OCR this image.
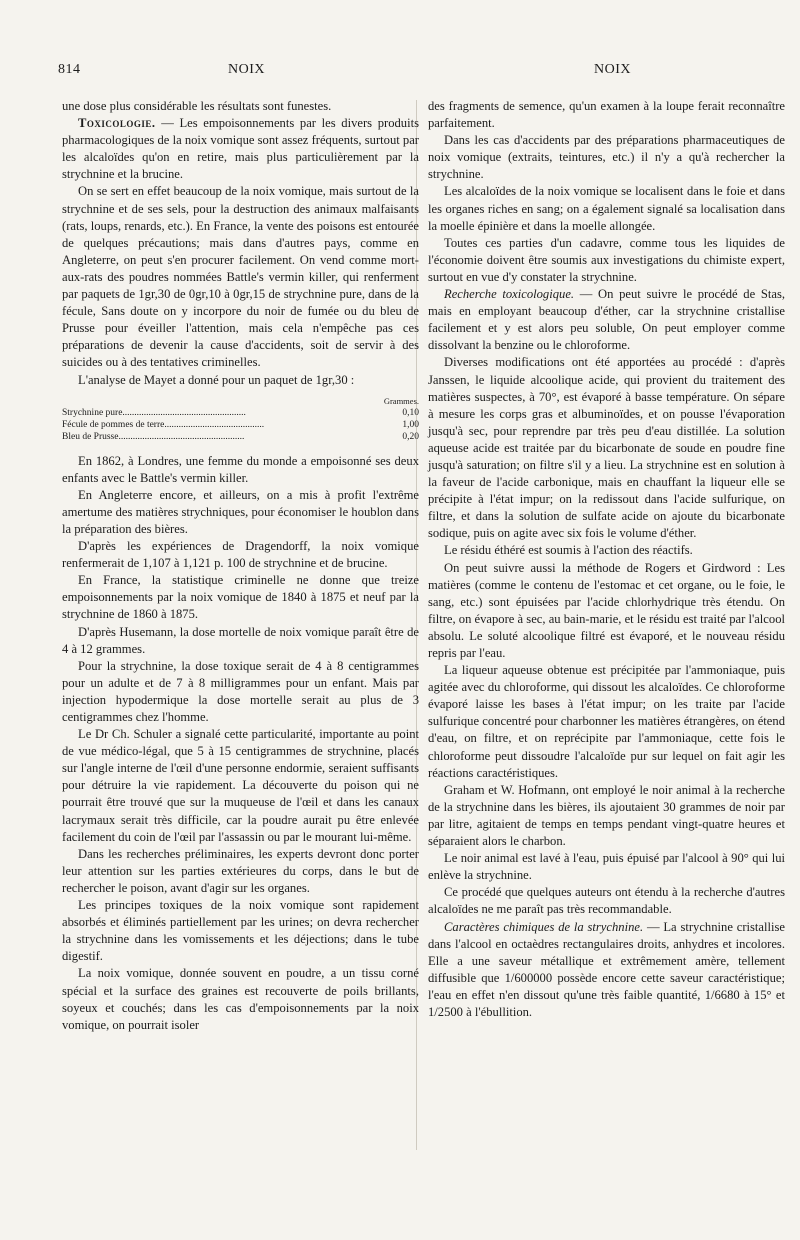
814	NOIX	NOIX

une dose plus considérable les résultats sont funestes.

Toxicologie. — Les empoisonnements par les divers produits pharmacologiques de la noix vomique sont assez fréquents, surtout par les alcaloïdes qu'on en retire, mais plus particulièrement par la strychnine et la brucine.

On se sert en effet beaucoup de la noix vomique, mais surtout de la strychnine et de ses sels, pour la destruction des animaux malfaisants (rats, loups, renards, etc.). En France, la vente des poisons est entourée de quelques précautions; mais dans d'autres pays, comme en Angleterre, on peut s'en procurer facilement. On vend comme mort-aux-rats des poudres nommées Battle's vermin killer, qui renferment par paquets de 1gr,30 de 0gr,10 à 0gr,15 de strychnine pure, dans de la fécule, Sans doute on y incorpore du noir de fumée ou du bleu de Prusse pour éveiller l'attention, mais cela n'empêche pas ces préparations de devenir la cause d'accidents, soit de servir à des suicides ou à des tentatives criminelles.

L'analyse de Mayet a donné pour un paquet de 1gr,30 :

	Grammes.
Strychnine pure....................................................	0,10
Fécule de pommes de terre..........................................	1,00
Bleu de Prusse.....................................................	0,20

En 1862, à Londres, une femme du monde a empoisonné ses deux enfants avec le Battle's vermin killer.

En Angleterre encore, et ailleurs, on a mis à profit l'extrême amertume des matières strychniques, pour économiser le houblon dans la préparation des bières.

D'après les expériences de Dragendorff, la noix vomique renfermerait de 1,107 à 1,121 p. 100 de strychnine et de brucine.

En France, la statistique criminelle ne donne que treize empoisonnements par la noix vomique de 1840 à 1875 et neuf par la strychnine de 1860 à 1875.

D'après Husemann, la dose mortelle de noix vomique paraît être de 4 à 12 grammes.

Pour la strychnine, la dose toxique serait de 4 à 8 centigrammes pour un adulte et de 7 à 8 milligrammes pour un enfant. Mais par injection hypodermique la dose mortelle serait au plus de 3 centigrammes chez l'homme.

Le Dr Ch. Schuler a signalé cette particularité, importante au point de vue médico-légal, que 5 à 15 centigrammes de strychnine, placés sur l'angle interne de l'œil d'une personne endormie, seraient suffisants pour détruire la vie rapidement. La découverte du poison qui ne pourrait être trouvé que sur la muqueuse de l'œil et dans les canaux lacrymaux serait très difficile, car la poudre aurait pu être enlevée facilement du coin de l'œil par l'assassin ou par le mourant lui-même.

Dans les recherches préliminaires, les experts devront donc porter leur attention sur les parties extérieures du corps, dans le but de rechercher le poison, avant d'agir sur les organes.

Les principes toxiques de la noix vomique sont rapidement absorbés et éliminés partiellement par les urines; on devra rechercher la strychnine dans les vomissements et les déjections; dans le tube digestif.

La noix vomique, donnée souvent en poudre, a un tissu corné spécial et la surface des graines est recouverte de poils brillants, soyeux et couchés; dans les cas d'empoisonnements par la noix vomique, on pourrait isoler

des fragments de semence, qu'un examen à la loupe ferait reconnaître parfaitement.

Dans les cas d'accidents par des préparations pharmaceutiques de noix vomique (extraits, teintures, etc.) il n'y a qu'à rechercher la strychnine.

Les alcaloïdes de la noix vomique se localisent dans le foie et dans les organes riches en sang; on a également signalé sa localisation dans la moelle épinière et dans la moelle allongée.

Toutes ces parties d'un cadavre, comme tous les liquides de l'économie doivent être soumis aux investigations du chimiste expert, surtout en vue d'y constater la strychnine.

Recherche toxicologique. — On peut suivre le procédé de Stas, mais en employant beaucoup d'éther, car la strychnine cristallise facilement et y est alors peu soluble, On peut employer comme dissolvant la benzine ou le chloroforme.

Diverses modifications ont été apportées au procédé : d'après Janssen, le liquide alcoolique acide, qui provient du traitement des matières suspectes, à 70°, est évaporé à basse température. On sépare à mesure les corps gras et albuminoïdes, et on pousse l'évaporation jusqu'à sec, pour reprendre par très peu d'eau distillée. La solution aqueuse acide est traitée par du bicarbonate de soude en poudre fine jusqu'à saturation; on filtre s'il y a lieu. La strychnine est en solution à la faveur de l'acide carbonique, mais en chauffant la liqueur elle se précipite à l'état impur; on la redissout dans l'acide sulfurique, on filtre, et dans la solution de sulfate acide on ajoute du bicarbonate sodique, puis on agite avec six fois le volume d'éther.

Le résidu éthéré est soumis à l'action des réactifs.

On peut suivre aussi la méthode de Rogers et Girdword : Les matières (comme le contenu de l'estomac et cet organe, ou le foie, le sang, etc.) sont épuisées par l'acide chlorhydrique très étendu. On filtre, on évapore à sec, au bain-marie, et le résidu est traité par l'alcool absolu. Le soluté alcoolique filtré est évaporé, et le nouveau résidu repris par l'eau.

La liqueur aqueuse obtenue est précipitée par l'ammoniaque, puis agitée avec du chloroforme, qui dissout les alcaloïdes. Ce chloroforme évaporé laisse les bases à l'état impur; on les traite par l'acide sulfurique concentré pour charbonner les matières étrangères, on étend d'eau, on filtre, et on reprécipite par l'ammoniaque, cette fois le chloroforme peut dissoudre l'alcaloïde pur sur lequel on fait agir les réactions caractéristiques.

Graham et W. Hofmann, ont employé le noir animal à la recherche de la strychnine dans les bières, ils ajoutaient 30 grammes de noir par par litre, agitaient de temps en temps pendant vingt-quatre heures et séparaient alors le charbon.

Le noir animal est lavé à l'eau, puis épuisé par l'alcool à 90° qui lui enlève la strychnine.

Ce procédé que quelques auteurs ont étendu à la recherche d'autres alcaloïdes ne me paraît pas très recommandable.

Caractères chimiques de la strychnine. — La strychnine cristallise dans l'alcool en octaèdres rectangulaires droits, anhydres et incolores. Elle a une saveur métallique et extrêmement amère, tellement diffusible que 1/600000 possède encore cette saveur caractéristique; l'eau en effet n'en dissout qu'une très faible quantité, 1/6680 à 15° et 1/2500 à l'ébullition.
